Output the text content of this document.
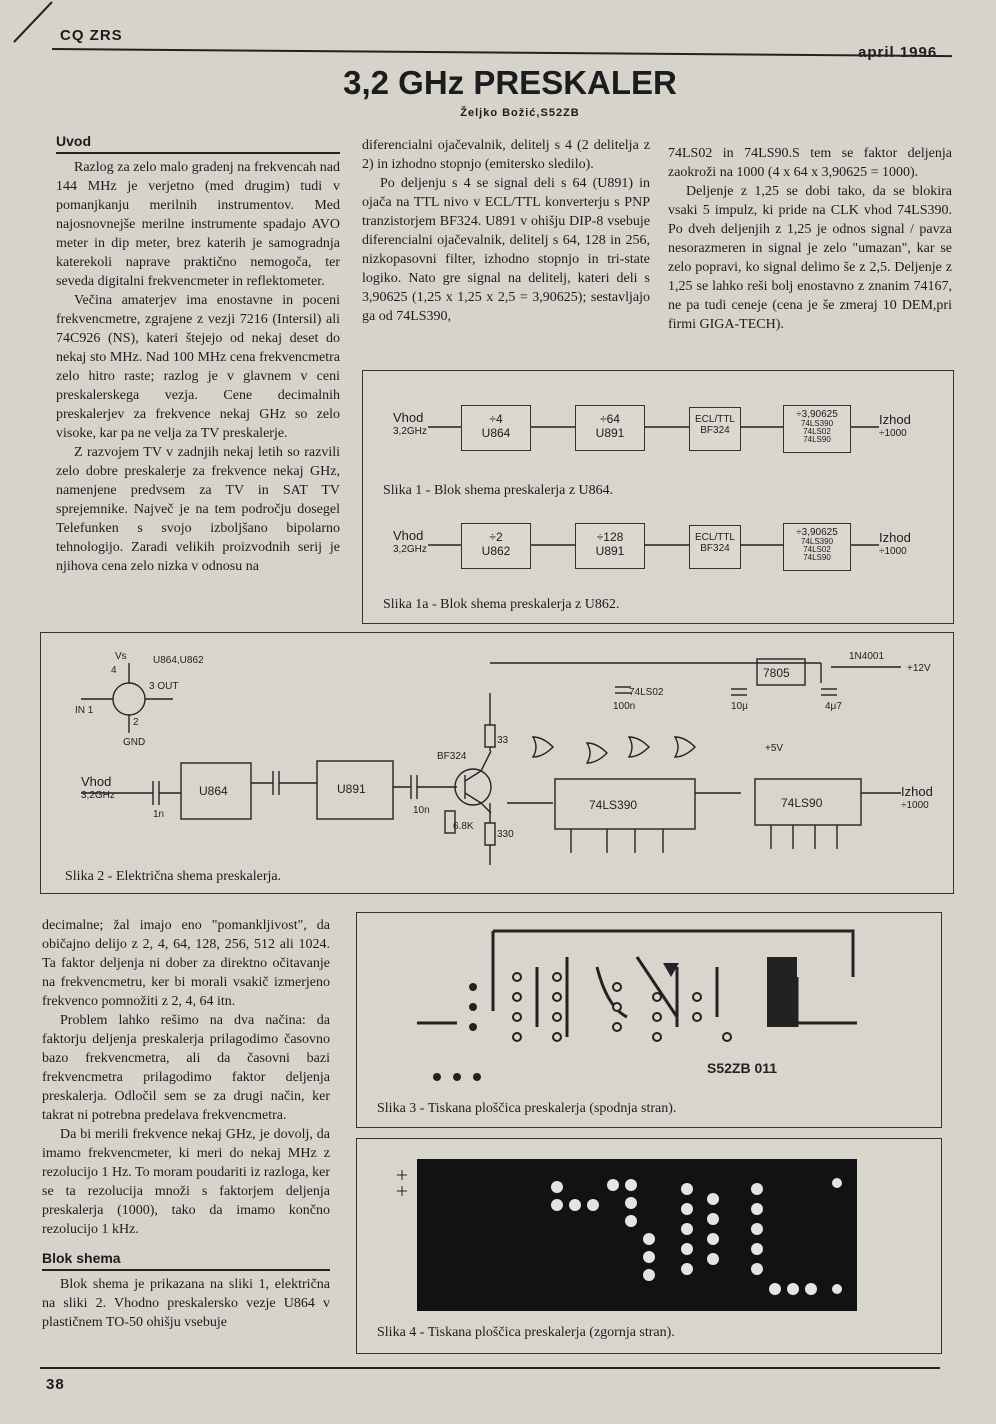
CQ ZRS
april 1996
3,2 GHz PRESKALER
Željko Božić,S52ZB
Uvod

Razlog za zelo malo gradenj na frekvencah nad 144 MHz je verjetno (med drugim) tudi v pomanjkanju merilnih instrumentov. Med najosnovnejše merilne instrumente spadajo AVO meter in dip meter, brez katerih je samogradnja katerekoli naprave praktično nemogoča, ter seveda digitalni frekvencmeter in reflektometer.

Večina amaterjev ima enostavne in poceni frekvencmetre, zgrajene z vezji 7216 (Intersil) ali 74C926 (NS), kateri štejejo od nekaj deset do nekaj sto MHz. Nad 100 MHz cena frekvencmetra zelo hitro raste; razlog je v glavnem v ceni preskalerskega vezja. Cene decimalnih preskalerjev za frekvence nekaj GHz so zelo visoke, kar pa ne velja za TV preskalerje.

Z razvojem TV v zadnjih nekaj letih so razvili zelo dobre preskalerje za frekvence nekaj GHz, namenjene predvsem za TV in SAT TV sprejemnike. Največ je na tem področju dosegel Telefunken s svojo izboljšano bipolarno tehnologijo. Zaradi velikih proizvodnih serij je njihova cena zelo nizka v odnosu na

diferencialni ojačevalnik, delitelj s 4 (2 delitelja z 2) in izhodno stopnjo (emitersko sledilo).

Po deljenju s 4 se signal deli s 64 (U891) in ojača na TTL nivo v ECL/TTL konverterju s PNP tranzistorjem BF324. U891 v ohišju DIP-8 vsebuje diferencialni ojačevalnik, delitelj s 64, 128 in 256, nizkopasovni filter, izhodno stopnjo in tri-state logiko. Nato gre signal na delitelj, kateri deli s 3,90625 (1,25 x 1,25 x 2,5 = 3,90625); sestavljajo ga od 74LS390,

74LS02 in 74LS90.S tem se faktor deljenja zaokroži na 1000 (4 x 64 x 3,90625 = 1000).

Deljenje z 1,25 se dobi tako, da se blokira vsaki 5 impulz, ki pride na CLK vhod 74LS390. Po dveh deljenjih z 1,25 je odnos signal / pavza nesorazmeren in signal je zelo "umazan", kar se zelo popravi, ko signal delimo še z 2,5. Deljenje z 1,25 se lahko reši bolj enostavno z znanim 74167, ne pa tudi ceneje (cena je še zmeraj 10 DEM,pri firmi GIGA-TECH).

Vhod
3,2GHz
÷4
U864
÷64
U891
ECL/TTL
BF324
÷3,90625
74LS390
74LS02
74LS90
Izhod
÷1000
Slika 1 - Blok shema preskalerja z U864.
Vhod
3,2GHz
÷2
U862
÷128
U891
ECL/TTL
BF324
÷3,90625
74LS390
74LS02
74LS90
Izhod
÷1000
Slika 1a - Blok shema preskalerja z U862.
U864,U862
Vs
4
3 OUT
IN 1
GND
2
U864	U891
74LS390	74LS90
7805
74LS02
BF324
1N4001
+12V
+5V
33
6.8K
330
1n	10n
10μ	4μ7
100n
Vhod
3,2GHz	Izhod
÷1000
Slika 2 - Električna shema preskalerja.

decimalne; žal imajo eno "pomankljivost", da običajno delijo z 2, 4, 64, 128, 256, 512 ali 1024. Ta faktor deljenja ni dober za direktno očitavanje na frekvencmetru, ker bi morali vsakič izmerjeno frekvenco pomnožiti z 2, 4, 64 itn.

Problem lahko rešimo na dva načina: da faktorju deljenja preskalerja prilagodimo časovno bazo frekvencmetra, ali da časovni bazi frekvencmetra prilagodimo faktor deljenja preskalerja. Odločil sem se za drugi način, ker takrat ni potrebna predelava frekvencmetra.

Da bi merili frekvence nekaj GHz, je dovolj, da imamo frekvencmeter, ki meri do nekaj MHz z rezolucijo 1 Hz. To moram poudariti iz razloga, ker se ta rezolucija množi s faktorjem deljenja preskalerja (1000), tako da imamo končno rezolucijo 1 kHz.

Blok shema

Blok shema je prikazana na sliki 1, električna na sliki 2. Vhodno preskalersko vezje U864 v plastičnem TO-50 ohišju vsebuje

S52ZB 011
Slika 3 - Tiskana ploščica preskalerja (spodnja stran).
Slika 4 - Tiskana ploščica preskalerja (zgornja stran).
38
